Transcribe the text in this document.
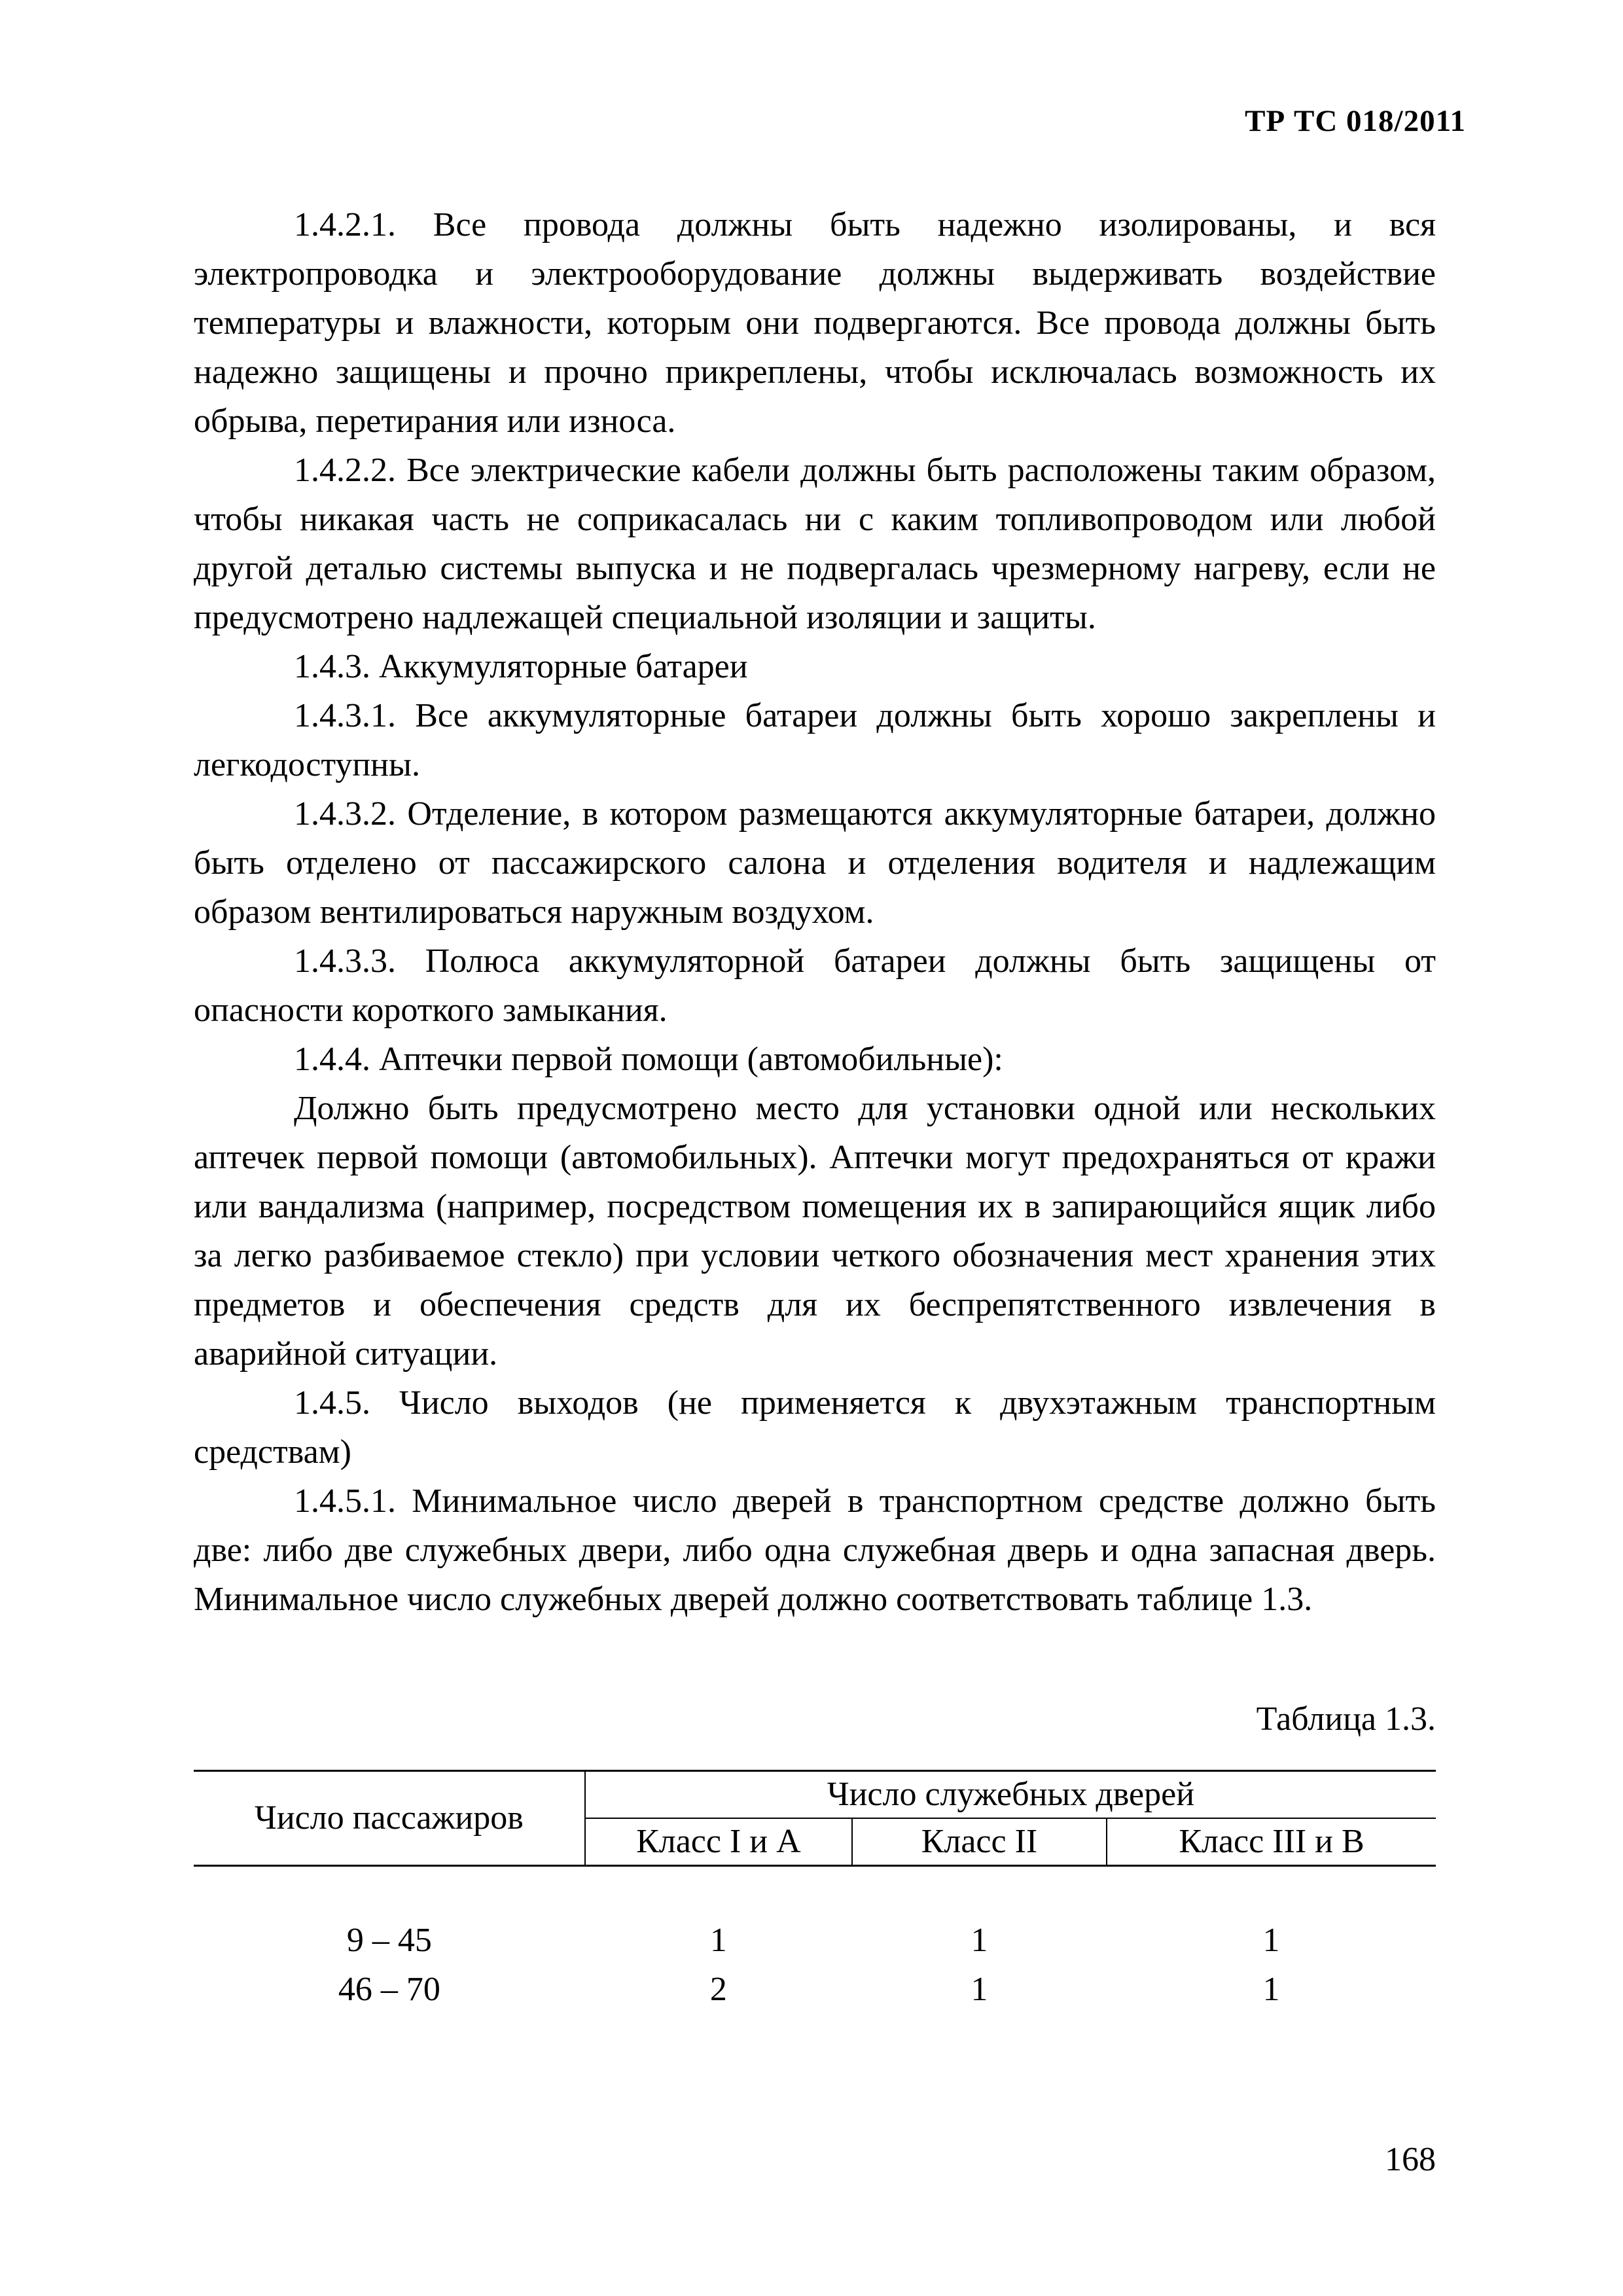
ТР ТС 018/2011

1.4.2.1. Все провода должны быть надежно изолированы, и вся электропроводка и электрооборудование должны выдерживать воздействие температуры и влажности, которым они подвергаются. Все провода должны быть надежно защищены и прочно прикреплены, чтобы исключалась возможность их обрыва, перетирания или износа.

1.4.2.2. Все электрические кабели должны быть расположены таким образом, чтобы никакая часть не соприкасалась ни с каким топливопроводом или любой другой деталью системы выпуска и не подвергалась чрезмерному нагреву, если не предусмотрено надлежащей специальной изоляции и защиты.

1.4.3. Аккумуляторные батареи

1.4.3.1. Все аккумуляторные батареи должны быть хорошо закреплены и легкодоступны.

1.4.3.2. Отделение, в котором размещаются аккумуляторные батареи, должно быть отделено от пассажирского салона и отделения водителя и надлежащим образом вентилироваться наружным воздухом.

1.4.3.3. Полюса аккумуляторной батареи должны быть защищены от опасности короткого замыкания.

1.4.4. Аптечки первой помощи (автомобильные):

Должно быть предусмотрено место для установки одной или нескольких аптечек первой помощи (автомобильных). Аптечки могут предохраняться от кражи или вандализма (например, посредством помещения их в запирающийся ящик либо за легко разбиваемое стекло) при условии четкого обозначения мест хранения этих предметов и обеспечения средств для их беспрепятственного извлечения в аварийной ситуации.

1.4.5. Число выходов (не применяется к двухэтажным транспортным средствам)

1.4.5.1. Минимальное число дверей в транспортном средстве должно быть две: либо две служебных двери, либо одна служебная дверь и одна запасная дверь. Минимальное число служебных дверей должно соответствовать таблице 1.3.

Таблица 1.3.
Число пассажиров	Число служебных дверей		
	Класс I и А	Класс II	Класс III и В

9 – 45	1	1	1
46 – 70	2	1	1
168
